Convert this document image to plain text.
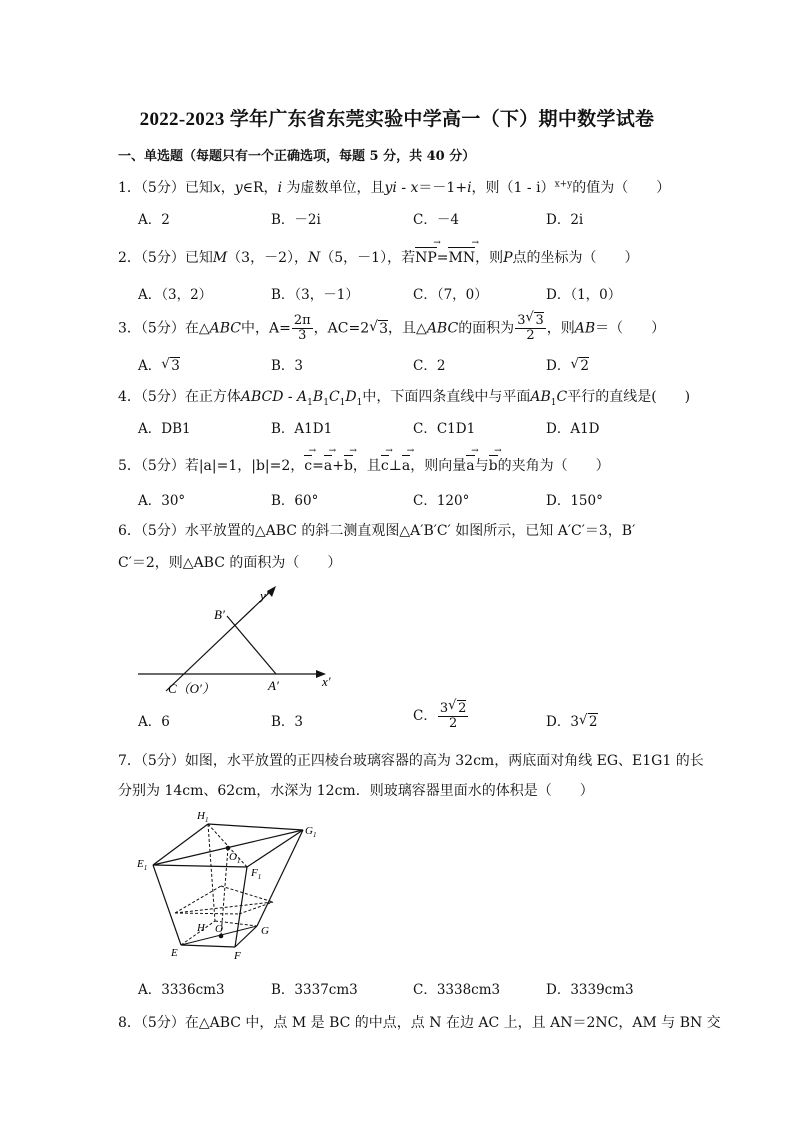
2022-2023 学年广东省东莞实验中学高一（下）期中数学试卷
一、单选题（每题只有一个正确选项，每题 5 分，共 40 分）
1．（5分）已知x，y∈R，i 为虚数单位，且yi - x＝－1+i，则（1 - i）$^{x+y}$的值为（　　）
A．2	B．－2i	C．－4	D．2i
2．（5分）已知M（3，－2），N（5，－1），若NP →=MN →，则P点的坐标为（　　）
A．（3，2）	B．（3，－1）	C．（7，0）	D．（1，0）
3．（5分）在△ABC中，$A= \frac{2\pi}{3}$ ，AC=2 √ 3，且△ABC的面积为 $\frac{3 √ 3}{2}$ ，则AB＝（　　）
A． √ 3	B．3	C．2	D． √ 2
4．（5分）在正方体ABCD - $A_1B_1C_1D_1$中，下面四条直线中与平面$AB_1C$平行的直线是(　　)
A．DB1	B．A1D1	C．C1D1	D．A1D
5．（5分）若|a|=1，|b|=2，c →=a →+b →，且c →⊥a →，则向量a →与b →的夹角为（　　）
A．30°	B．60°	C．120°	D．150°
6．（5分）水平放置的△ABC 的斜二测直观图△A′B′C′ 如图所示，已知 A′C′＝3，B′
C′＝2，则△ABC 的面积为（　　）
y′
x′
B′
A′
C（O′）
A．6	B．3	C． $\frac{3 √ 2}{2}$	D．3 √ 2
7．（5分）如图，水平放置的正四棱台玻璃容器的高为 32cm，两底面对角线 EG、E1G1 的长
分别为 14cm、62cm，水深为 12cm．则玻璃容器里面水的体积是（　　）
$H_1$
$G_1$
$E_1$	$F_1$
$O_1$
H O	G
E	F
A．3336cm3	B．3337cm3	C．3338cm3	D．3339cm3
8．（5分）在△ABC 中，点 M 是 BC 的中点，点 N 在边 AC 上，且 AN＝2NC，AM 与 BN 交
